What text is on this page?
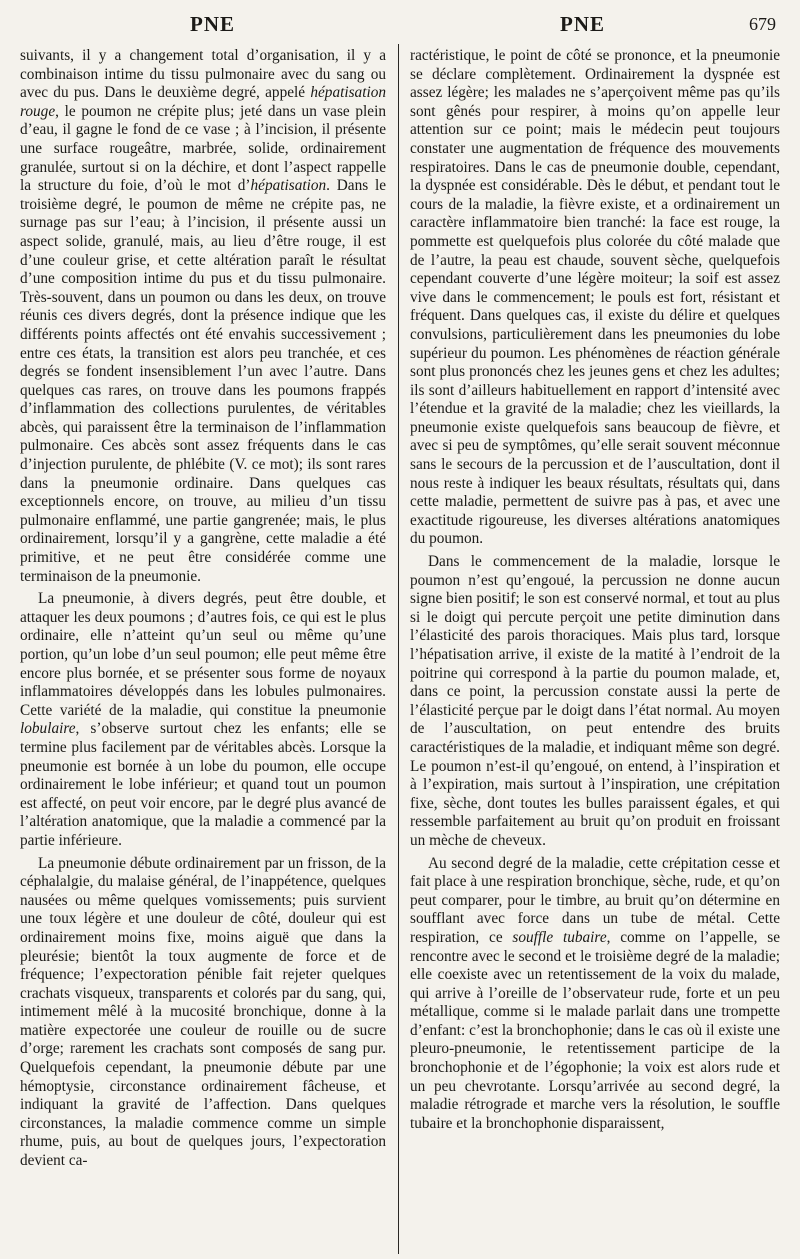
PNE	PNE	679

suivants, il y a changement total d’organisation, il y a combinaison intime du tissu pulmonaire avec du sang ou avec du pus. Dans le deuxième degré, appelé hépatisation rouge, le poumon ne crépite plus; jeté dans un vase plein d’eau, il gagne le fond de ce vase ; à l’incision, il présente une surface rougeâtre, marbrée, solide, ordinairement granulée, surtout si on la déchire, et dont l’aspect rappelle la structure du foie, d’où le mot d’hépatisation. Dans le troisième degré, le poumon de même ne crépite pas, ne surnage pas sur l’eau; à l’incision, il présente aussi un aspect solide, granulé, mais, au lieu d’être rouge, il est d’une couleur grise, et cette altération paraît le résultat d’une composition intime du pus et du tissu pulmonaire. Très-souvent, dans un poumon ou dans les deux, on trouve réunis ces divers degrés, dont la présence indique que les différents points affectés ont été envahis successivement ; entre ces états, la transition est alors peu tranchée, et ces degrés se fondent insensiblement l’un avec l’autre. Dans quelques cas rares, on trouve dans les poumons frappés d’inflammation des collections purulentes, de véritables abcès, qui paraissent être la terminaison de l’inflammation pulmonaire. Ces abcès sont assez fréquents dans le cas d’injection purulente, de phlébite (V. ce mot); ils sont rares dans la pneumonie ordinaire. Dans quelques cas exceptionnels encore, on trouve, au milieu d’un tissu pulmonaire enflammé, une partie gangrenée; mais, le plus ordinairement, lorsqu’il y a gangrène, cette maladie a été primitive, et ne peut être considérée comme une terminaison de la pneumonie.

La pneumonie, à divers degrés, peut être double, et attaquer les deux poumons ; d’autres fois, ce qui est le plus ordinaire, elle n’atteint qu’un seul ou même qu’une portion, qu’un lobe d’un seul poumon; elle peut même être encore plus bornée, et se présenter sous forme de noyaux inflammatoires développés dans les lobules pulmonaires. Cette variété de la maladie, qui constitue la pneumonie lobulaire, s’observe surtout chez les enfants; elle se termine plus facilement par de véritables abcès. Lorsque la pneumonie est bornée à un lobe du poumon, elle occupe ordinairement le lobe inférieur; et quand tout un poumon est affecté, on peut voir encore, par le degré plus avancé de l’altération anatomique, que la maladie a commencé par la partie inférieure.

La pneumonie débute ordinairement par un frisson, de la céphalalgie, du malaise général, de l’inappétence, quelques nausées ou même quelques vomissements; puis survient une toux légère et une douleur de côté, douleur qui est ordinairement moins fixe, moins aiguë que dans la pleurésie; bientôt la toux augmente de force et de fréquence; l’expectoration pénible fait rejeter quelques crachats visqueux, transparents et colorés par du sang, qui, intimement mêlé à la mucosité bronchique, donne à la matière expectorée une couleur de rouille ou de sucre d’orge; rarement les crachats sont composés de sang pur. Quelquefois cependant, la pneumonie débute par une hémoptysie, circonstance ordinairement fâcheuse, et indiquant la gravité de l’affection. Dans quelques circonstances, la maladie commence comme un simple rhume, puis, au bout de quelques jours, l’expectoration devient ca-

ractéristique, le point de côté se prononce, et la pneumonie se déclare complètement. Ordinairement la dyspnée est assez légère; les malades ne s’aperçoivent même pas qu’ils sont gênés pour respirer, à moins qu’on appelle leur attention sur ce point; mais le médecin peut toujours constater une augmentation de fréquence des mouvements respiratoires. Dans le cas de pneumonie double, cependant, la dyspnée est considérable. Dès le début, et pendant tout le cours de la maladie, la fièvre existe, et a ordinairement un caractère inflammatoire bien tranché: la face est rouge, la pommette est quelquefois plus colorée du côté malade que de l’autre, la peau est chaude, souvent sèche, quelquefois cependant couverte d’une légère moiteur; la soif est assez vive dans le commencement; le pouls est fort, résistant et fréquent. Dans quelques cas, il existe du délire et quelques convulsions, particulièrement dans les pneumonies du lobe supérieur du poumon. Les phénomènes de réaction générale sont plus prononcés chez les jeunes gens et chez les adultes; ils sont d’ailleurs habituellement en rapport d’intensité avec l’étendue et la gravité de la maladie; chez les vieillards, la pneumonie existe quelquefois sans beaucoup de fièvre, et avec si peu de symptômes, qu’elle serait souvent méconnue sans le secours de la percussion et de l’auscultation, dont il nous reste à indiquer les beaux résultats, résultats qui, dans cette maladie, permettent de suivre pas à pas, et avec une exactitude rigoureuse, les diverses altérations anatomiques du poumon.

Dans le commencement de la maladie, lorsque le poumon n’est qu’engoué, la percussion ne donne aucun signe bien positif; le son est conservé normal, et tout au plus si le doigt qui percute perçoit une petite diminution dans l’élasticité des parois thoraciques. Mais plus tard, lorsque l’hépatisation arrive, il existe de la matité à l’endroit de la poitrine qui correspond à la partie du poumon malade, et, dans ce point, la percussion constate aussi la perte de l’élasticité perçue par le doigt dans l’état normal. Au moyen de l’auscultation, on peut entendre des bruits caractéristiques de la maladie, et indiquant même son degré. Le poumon n’est-il qu’engoué, on entend, à l’inspiration et à l’expiration, mais surtout à l’inspiration, une crépitation fixe, sèche, dont toutes les bulles paraissent égales, et qui ressemble parfaitement au bruit qu’on produit en froissant un mèche de cheveux.

Au second degré de la maladie, cette crépitation cesse et fait place à une respiration bronchique, sèche, rude, et qu’on peut comparer, pour le timbre, au bruit qu’on détermine en soufflant avec force dans un tube de métal. Cette respiration, ce souffle tubaire, comme on l’appelle, se rencontre avec le second et le troisième degré de la maladie; elle coexiste avec un retentissement de la voix du malade, qui arrive à l’oreille de l’observateur rude, forte et un peu métallique, comme si le malade parlait dans une trompette d’enfant: c’est la bronchophonie; dans le cas où il existe une pleuro-pneumonie, le retentissement participe de la bronchophonie et de l’égophonie; la voix est alors rude et un peu chevrotante. Lorsqu’arrivée au second degré, la maladie rétrograde et marche vers la résolution, le souffle tubaire et la bronchophonie disparaissent,
